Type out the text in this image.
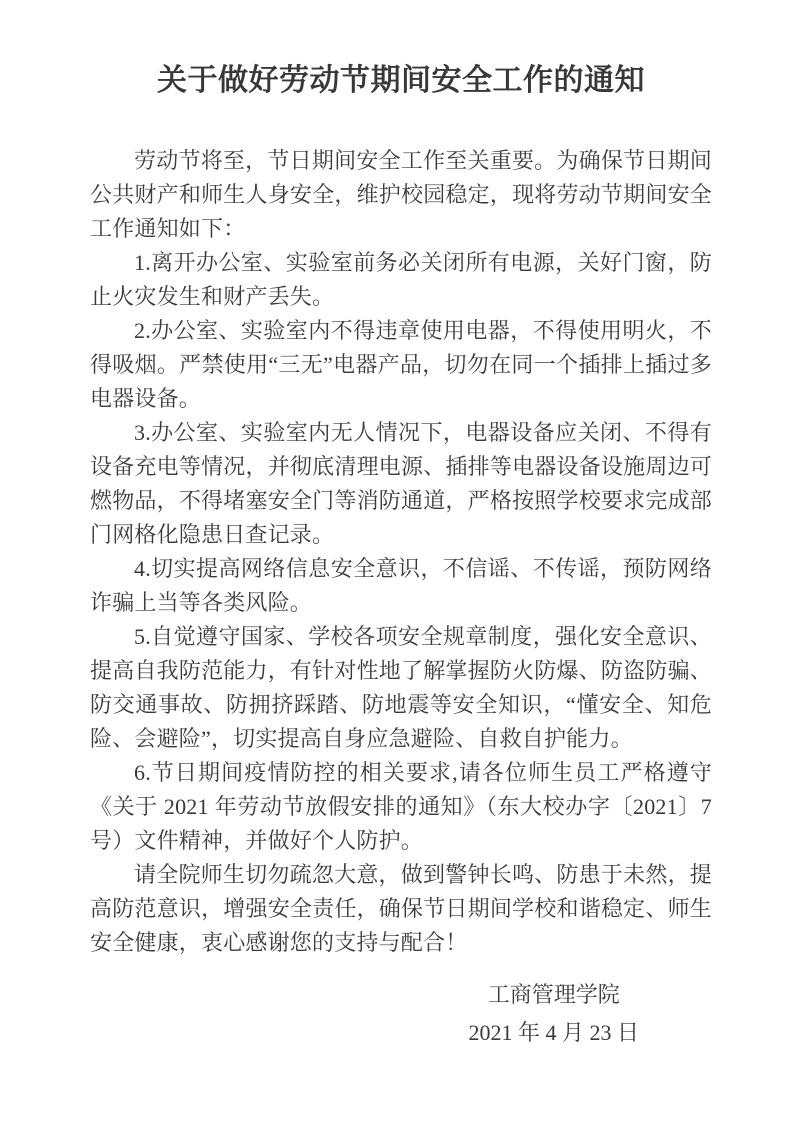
关于做好劳动节期间安全工作的通知

劳动节将至，节日期间安全工作至关重要。为确保节日期间公共财产和师生人身安全，维护校园稳定，现将劳动节期间安全工作通知如下：

1.离开办公室、实验室前务必关闭所有电源，关好门窗，防止火灾发生和财产丢失。

2.办公室、实验室内不得违章使用电器，不得使用明火，不得吸烟。严禁使用“三无”电器产品，切勿在同一个插排上插过多电器设备。

3.办公室、实验室内无人情况下，电器设备应关闭、不得有设备充电等情况，并彻底清理电源、插排等电器设备设施周边可燃物品，不得堵塞安全门等消防通道，严格按照学校要求完成部门网格化隐患日查记录。

4.切实提高网络信息安全意识，不信谣、不传谣，预防网络诈骗上当等各类风险。

5.自觉遵守国家、学校各项安全规章制度，强化安全意识、提高自我防范能力，有针对性地了解掌握防火防爆、防盗防骗、防交通事故、防拥挤踩踏、防地震等安全知识，“懂安全、知危险、会避险”，切实提高自身应急避险、自救自护能力。

6.节日期间疫情防控的相关要求,请各位师生员工严格遵守《关于 2021 年劳动节放假安排的通知》（东大校办字〔2021〕7 号）文件精神，并做好个人防护。

请全院师生切勿疏忽大意，做到警钟长鸣、防患于未然，提高防范意识，增强安全责任，确保节日期间学校和谐稳定、师生安全健康，衷心感谢您的支持与配合！

工商管理学院
2021 年 4 月 23 日
